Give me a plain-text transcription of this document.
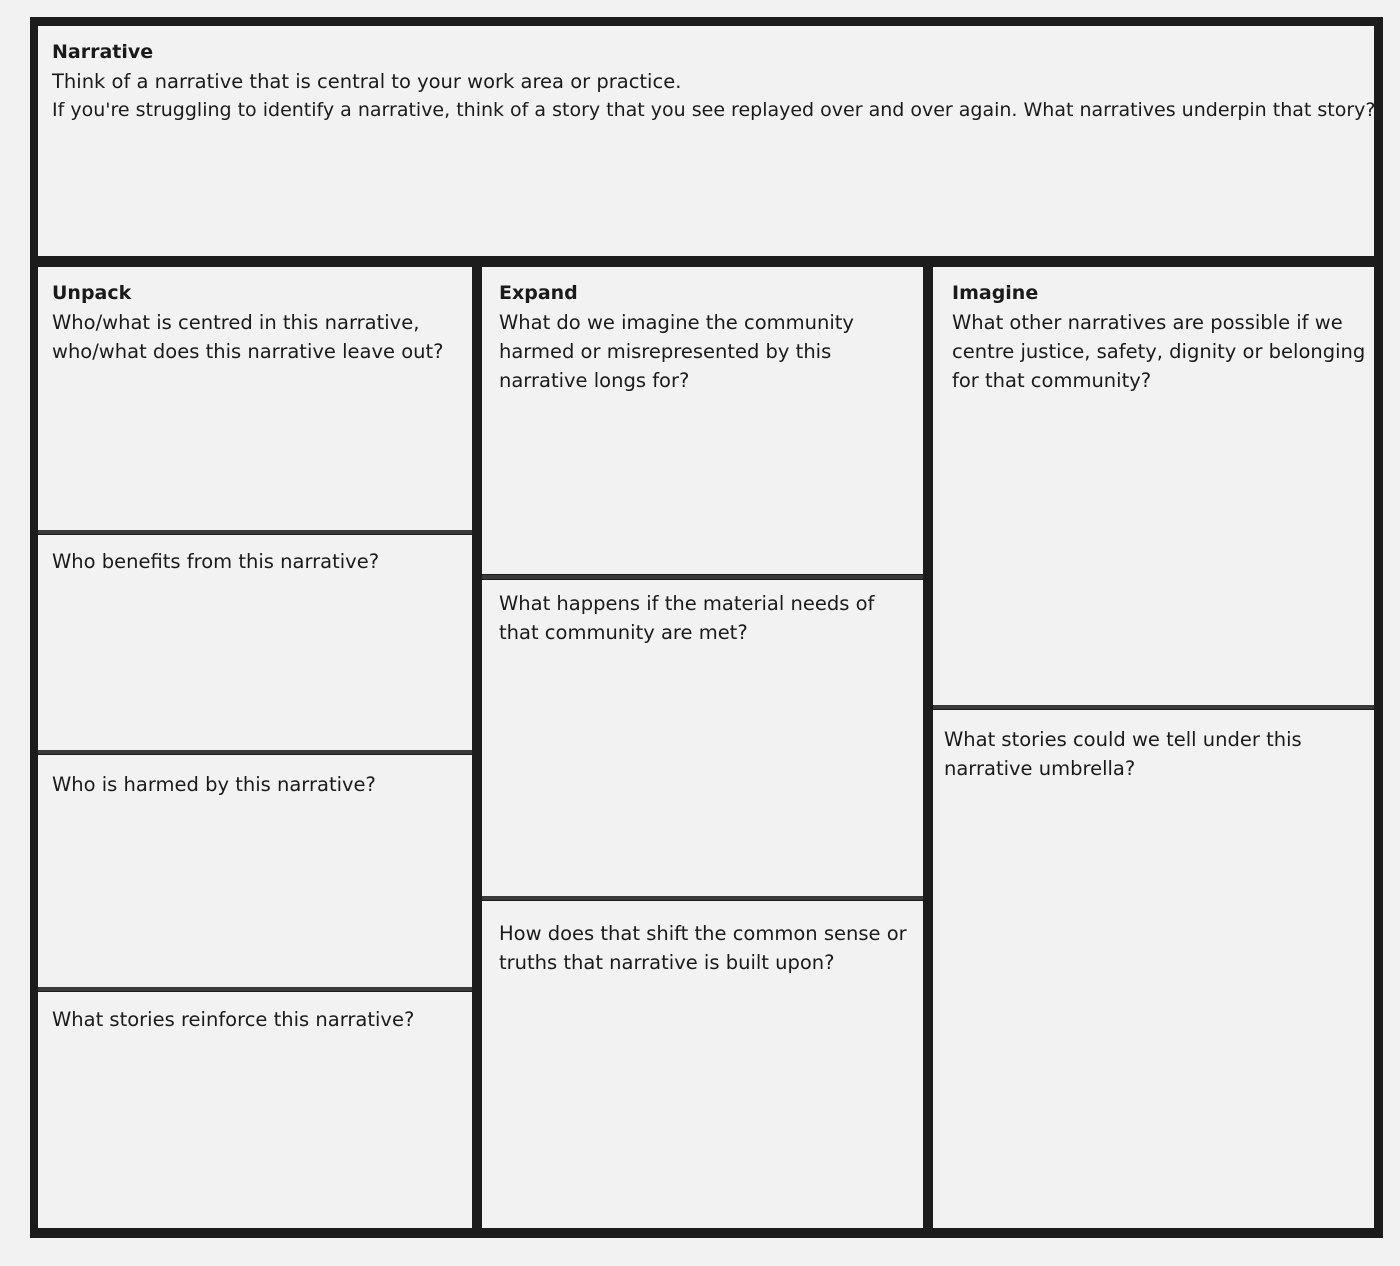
Narrative

Think of a narrative that is central to your work area or practice.

If you're struggling to identify a narrative, think of a story that you see replayed over and over again. What narratives underpin that story?

Unpack

Who/what is centred in this narrative, who/what does this narrative leave out?

Who benefits from this narrative?

Who is harmed by this narrative?

What stories reinforce this narrative?

Expand

What do we imagine the community harmed or misrepresented by this narrative longs for?

What happens if the material needs of that community are met?

How does that shift the common sense or truths that narrative is built upon?

Imagine

What other narratives are possible if we centre justice, safety, dignity or belonging for that community?

What stories could we tell under this narrative umbrella?
